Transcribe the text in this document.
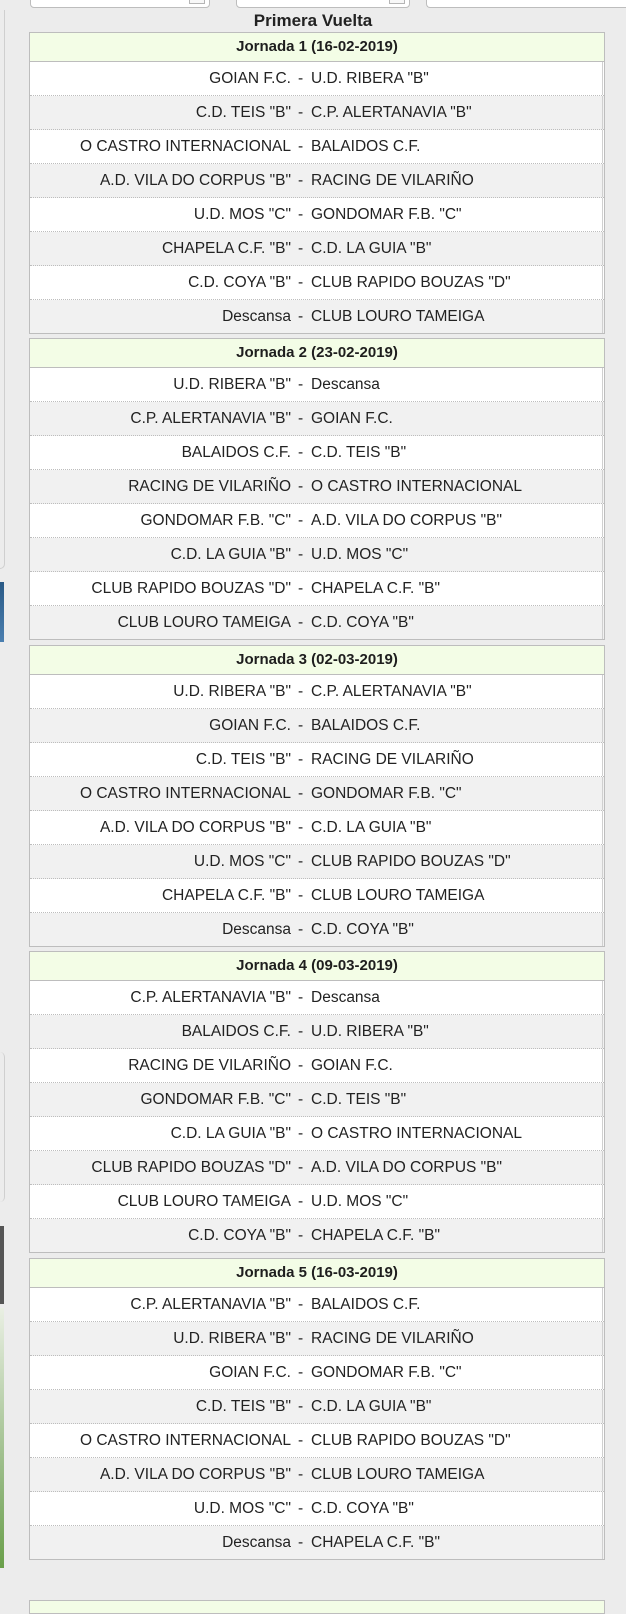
Primera Vuelta
Jornada 1 (16-02-2019)
GOIAN F.C. - U.D. RIBERA "B"
C.D. TEIS "B" - C.P. ALERTANAVIA "B"
O CASTRO INTERNACIONAL - BALAIDOS C.F.
A.D. VILA DO CORPUS "B" - RACING DE VILARIÑO
U.D. MOS "C" - GONDOMAR F.B. "C"
CHAPELA C.F. "B" - C.D. LA GUIA "B"
C.D. COYA "B" - CLUB RAPIDO BOUZAS "D"
Descansa - CLUB LOURO TAMEIGA
Jornada 2 (23-02-2019)
U.D. RIBERA "B" - Descansa
C.P. ALERTANAVIA "B" - GOIAN F.C.
BALAIDOS C.F. - C.D. TEIS "B"
RACING DE VILARIÑO - O CASTRO INTERNACIONAL
GONDOMAR F.B. "C" - A.D. VILA DO CORPUS "B"
C.D. LA GUIA "B" - U.D. MOS "C"
CLUB RAPIDO BOUZAS "D" - CHAPELA C.F. "B"
CLUB LOURO TAMEIGA - C.D. COYA "B"
Jornada 3 (02-03-2019)
U.D. RIBERA "B" - C.P. ALERTANAVIA "B"
GOIAN F.C. - BALAIDOS C.F.
C.D. TEIS "B" - RACING DE VILARIÑO
O CASTRO INTERNACIONAL - GONDOMAR F.B. "C"
A.D. VILA DO CORPUS "B" - C.D. LA GUIA "B"
U.D. MOS "C" - CLUB RAPIDO BOUZAS "D"
CHAPELA C.F. "B" - CLUB LOURO TAMEIGA
Descansa - C.D. COYA "B"
Jornada 4 (09-03-2019)
C.P. ALERTANAVIA "B" - Descansa
BALAIDOS C.F. - U.D. RIBERA "B"
RACING DE VILARIÑO - GOIAN F.C.
GONDOMAR F.B. "C" - C.D. TEIS "B"
C.D. LA GUIA "B" - O CASTRO INTERNACIONAL
CLUB RAPIDO BOUZAS "D" - A.D. VILA DO CORPUS "B"
CLUB LOURO TAMEIGA - U.D. MOS "C"
C.D. COYA "B" - CHAPELA C.F. "B"
Jornada 5 (16-03-2019)
C.P. ALERTANAVIA "B" - BALAIDOS C.F.
U.D. RIBERA "B" - RACING DE VILARIÑO
GOIAN F.C. - GONDOMAR F.B. "C"
C.D. TEIS "B" - C.D. LA GUIA "B"
O CASTRO INTERNACIONAL - CLUB RAPIDO BOUZAS "D"
A.D. VILA DO CORPUS "B" - CLUB LOURO TAMEIGA
U.D. MOS "C" - C.D. COYA "B"
Descansa - CHAPELA C.F. "B"
